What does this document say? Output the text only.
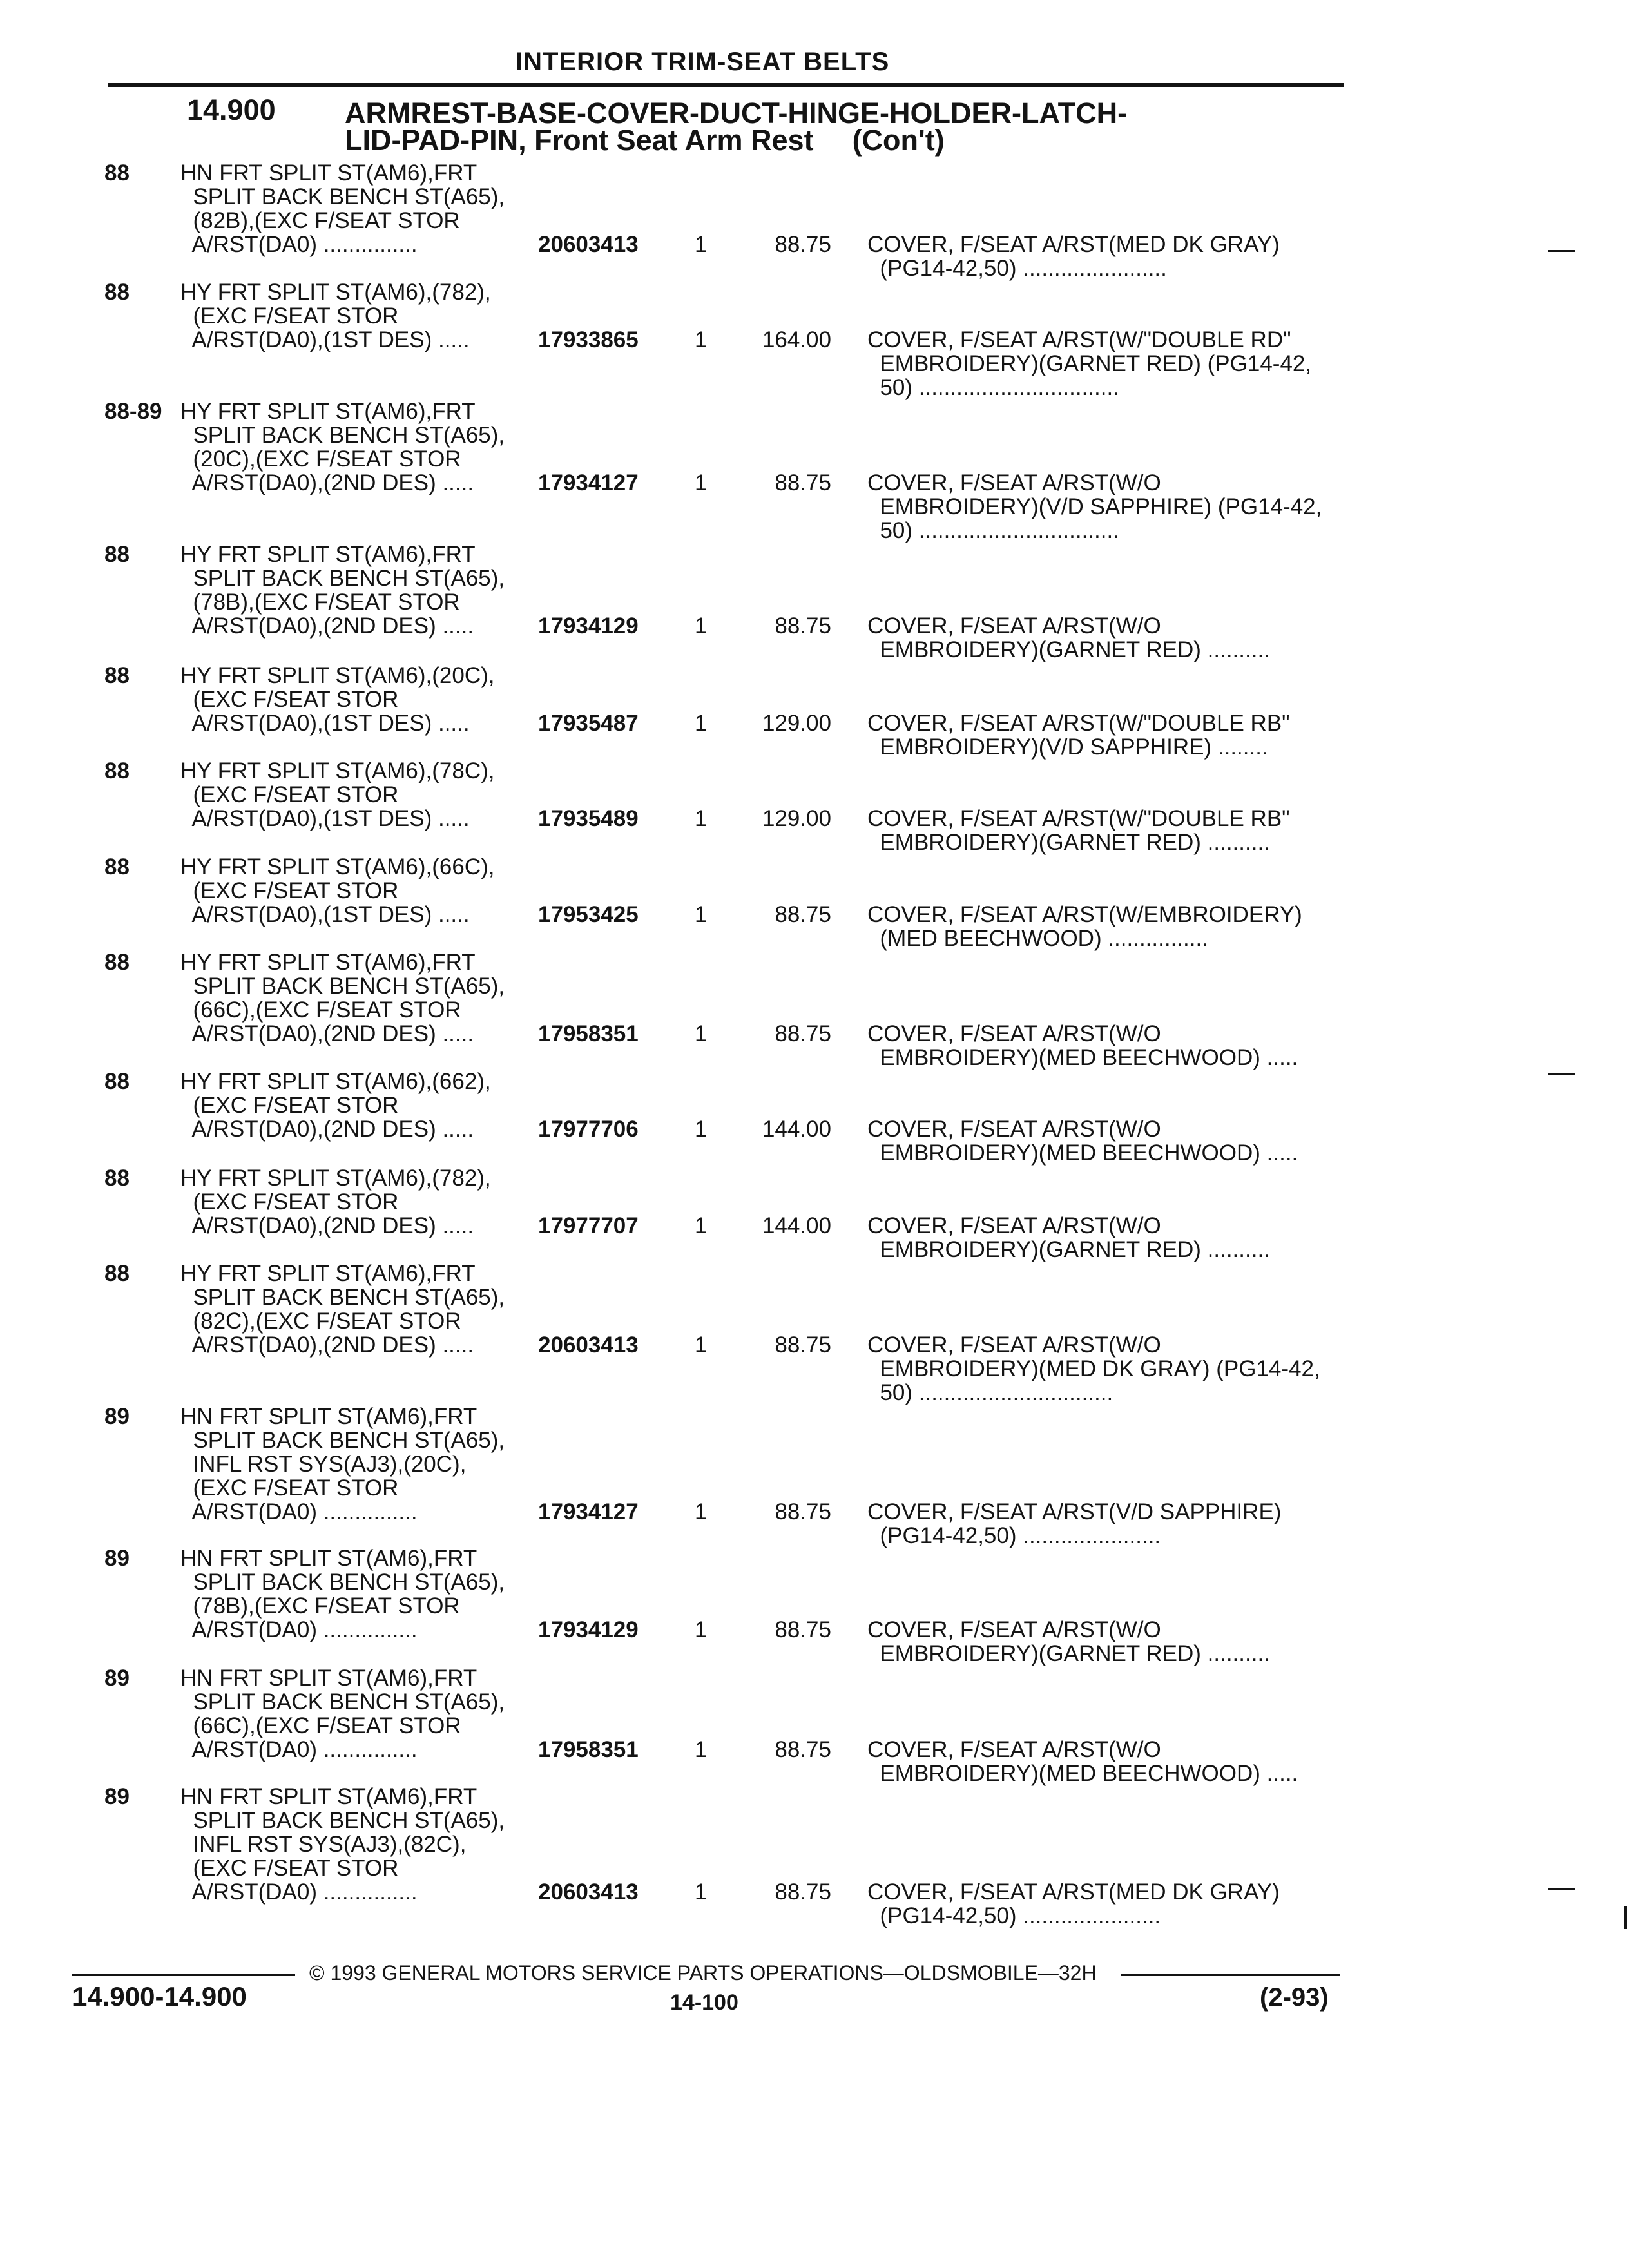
INTERIOR TRIM-SEAT BELTS
14.900 ARMREST-BASE-COVER-DUCT-HINGE-HOLDER-LATCH-
LID-PAD-PIN, Front Seat Arm Rest (Con't)
88 HN FRT SPLIT ST(AM6),FRT
SPLIT BACK BENCH ST(A65),
(82B),(EXC F/SEAT STOR
A/RST(DA0) ...............	20603413 1	88.75 COVER, F/SEAT A/RST(MED DK GRAY)
(PG14-42,50) .......................
88 HY FRT SPLIT ST(AM6),(782),
(EXC F/SEAT STOR
A/RST(DA0),(1ST DES) .....	17933865 1 164.00 COVER, F/SEAT A/RST(W/"DOUBLE RD"
EMBROIDERY)(GARNET RED) (PG14-42,
50) ................................
88-89 HY FRT SPLIT ST(AM6),FRT
SPLIT BACK BENCH ST(A65),
(20C),(EXC F/SEAT STOR
A/RST(DA0),(2ND DES) .....	17934127 1	88.75 COVER, F/SEAT A/RST(W/O
EMBROIDERY)(V/D SAPPHIRE) (PG14-42,
50) ................................
88 HY FRT SPLIT ST(AM6),FRT
SPLIT BACK BENCH ST(A65),
(78B),(EXC F/SEAT STOR
A/RST(DA0),(2ND DES) .....	17934129 1	88.75 COVER, F/SEAT A/RST(W/O
EMBROIDERY)(GARNET RED) ..........
88 HY FRT SPLIT ST(AM6),(20C),
(EXC F/SEAT STOR
A/RST(DA0),(1ST DES) .....	17935487 1 129.00 COVER, F/SEAT A/RST(W/"DOUBLE RB"
EMBROIDERY)(V/D SAPPHIRE) ........
88 HY FRT SPLIT ST(AM6),(78C),
(EXC F/SEAT STOR
A/RST(DA0),(1ST DES) .....	17935489 1 129.00 COVER, F/SEAT A/RST(W/"DOUBLE RB"
EMBROIDERY)(GARNET RED) ..........
88 HY FRT SPLIT ST(AM6),(66C),
(EXC F/SEAT STOR
A/RST(DA0),(1ST DES) .....	17953425 1	88.75 COVER, F/SEAT A/RST(W/EMBROIDERY)
(MED BEECHWOOD) ................
88 HY FRT SPLIT ST(AM6),FRT
SPLIT BACK BENCH ST(A65),
(66C),(EXC F/SEAT STOR
A/RST(DA0),(2ND DES) .....	17958351 1	88.75 COVER, F/SEAT A/RST(W/O
EMBROIDERY)(MED BEECHWOOD) .....
88 HY FRT SPLIT ST(AM6),(662),
(EXC F/SEAT STOR
A/RST(DA0),(2ND DES) .....	17977706 1 144.00 COVER, F/SEAT A/RST(W/O
EMBROIDERY)(MED BEECHWOOD) .....
88 HY FRT SPLIT ST(AM6),(782),
(EXC F/SEAT STOR
A/RST(DA0),(2ND DES) .....	17977707 1 144.00 COVER, F/SEAT A/RST(W/O
EMBROIDERY)(GARNET RED) ..........
88 HY FRT SPLIT ST(AM6),FRT
SPLIT BACK BENCH ST(A65),
(82C),(EXC F/SEAT STOR
A/RST(DA0),(2ND DES) .....	20603413 1	88.75 COVER, F/SEAT A/RST(W/O
EMBROIDERY)(MED DK GRAY) (PG14-42,
50) ...............................
89 HN FRT SPLIT ST(AM6),FRT
SPLIT BACK BENCH ST(A65),
INFL RST SYS(AJ3),(20C),
(EXC F/SEAT STOR
A/RST(DA0) ...............	17934127 1	88.75 COVER, F/SEAT A/RST(V/D SAPPHIRE)
(PG14-42,50) ......................
89 HN FRT SPLIT ST(AM6),FRT
SPLIT BACK BENCH ST(A65),
(78B),(EXC F/SEAT STOR
A/RST(DA0) ...............	17934129 1	88.75 COVER, F/SEAT A/RST(W/O
EMBROIDERY)(GARNET RED) ..........
89 HN FRT SPLIT ST(AM6),FRT
SPLIT BACK BENCH ST(A65),
(66C),(EXC F/SEAT STOR
A/RST(DA0) ...............	17958351 1	88.75 COVER, F/SEAT A/RST(W/O
EMBROIDERY)(MED BEECHWOOD) .....
89 HN FRT SPLIT ST(AM6),FRT
SPLIT BACK BENCH ST(A65),
INFL RST SYS(AJ3),(82C),
(EXC F/SEAT STOR
A/RST(DA0) ...............	20603413 1	88.75 COVER, F/SEAT A/RST(MED DK GRAY)
(PG14-42,50) ......................
© 1993 GENERAL MOTORS SERVICE PARTS OPERATIONS—OLDSMOBILE—32H
14.900-14.900	14-100	(2-93)
